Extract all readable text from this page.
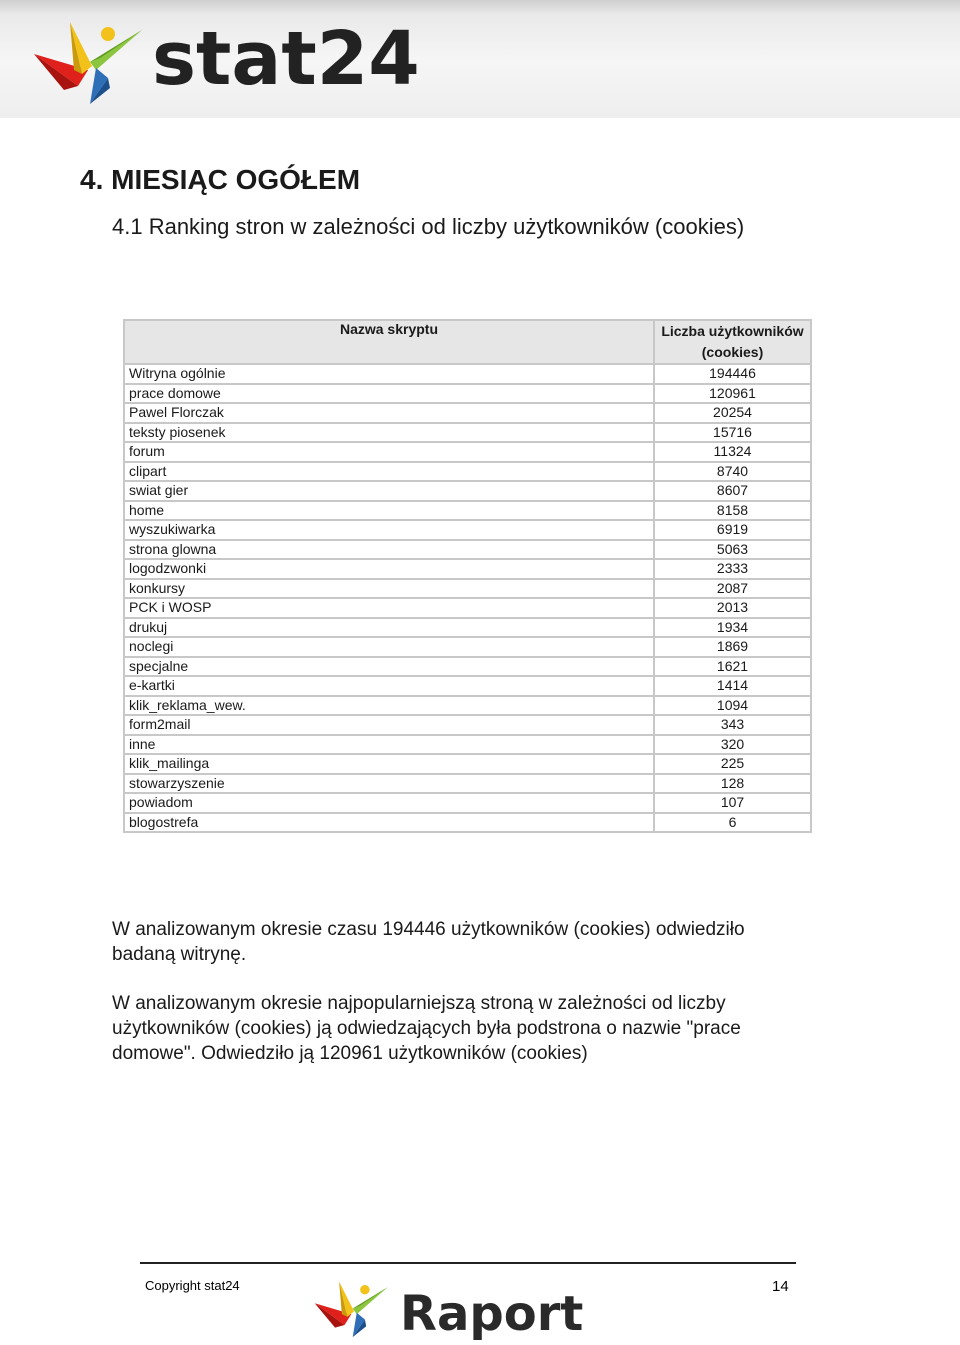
stat24
4. MIESIĄC OGÓŁEM
4.1 Ranking stron w zależności od liczby użytkowników (cookies)
Nazwa skryptu	Liczba użytkowników (cookies)
Witryna ogólnie	194446
prace domowe	120961
Pawel Florczak	20254
teksty piosenek	15716
forum	11324
clipart	8740
swiat gier	8607
home	8158
wyszukiwarka	6919
strona glowna	5063
logodzwonki	2333
konkursy	2087
PCK i WOSP	2013
drukuj	1934
noclegi	1869
specjalne	1621
e-kartki	1414
klik_reklama_wew.	1094
form2mail	343
inne	320
klik_mailinga	225
stowarzyszenie	128
powiadom	107
blogostrefa	6

W analizowanym okresie czasu 194446 użytkowników (cookies) odwiedziło badaną witrynę.

W analizowanym okresie najpopularniejszą stroną w zależności od liczby użytkowników (cookies) ją odwiedzających była podstrona o nazwie "prace domowe". Odwiedziło ją 120961 użytkowników (cookies)

Copyright stat24	14
Raport
